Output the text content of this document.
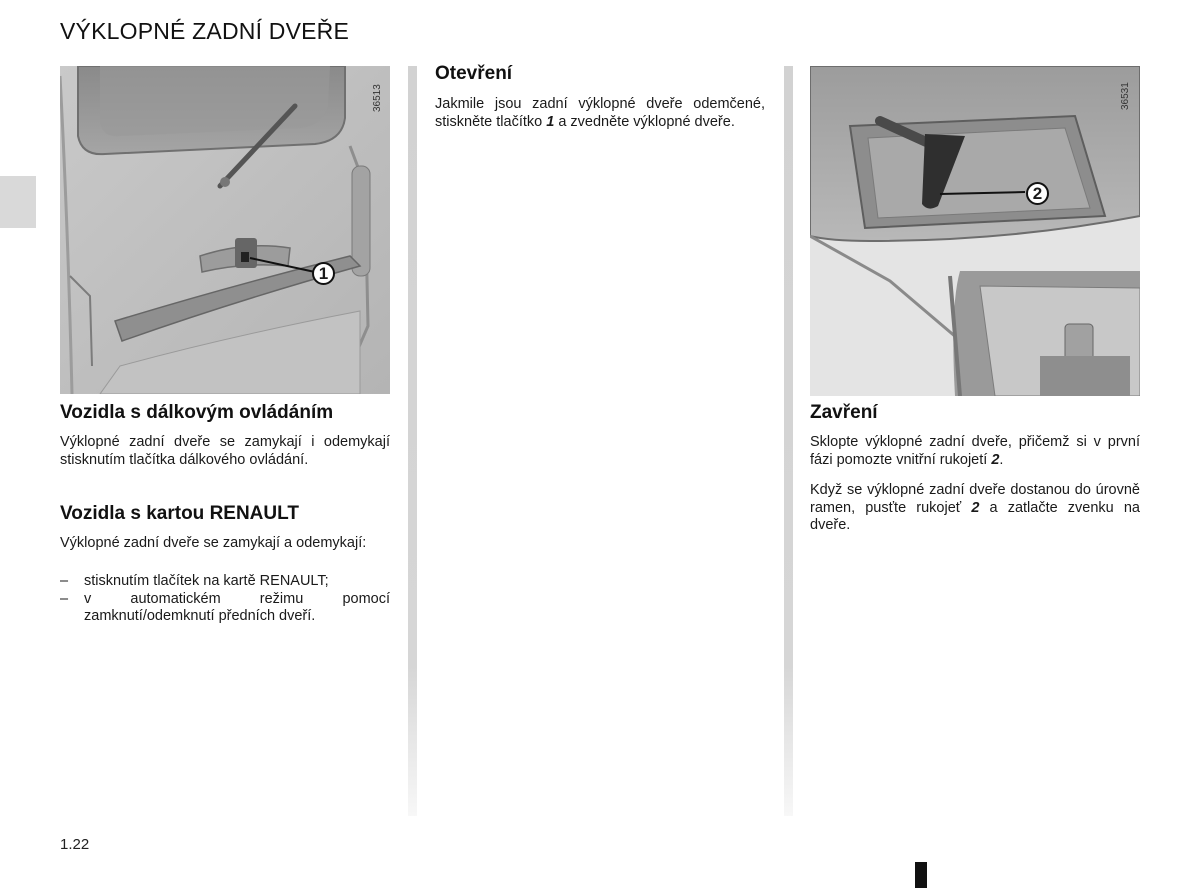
VÝKLOPNÉ ZADNÍ DVEŘE
1
36513
Vozidla s dálkovým ovládáním

Výklopné zadní dveře se zamykají i odemykají stisknutím tlačítka dálkového ovládání.

Vozidla s kartou RENAULT

Výklopné zadní dveře se zamykají a odemykají:

–	stisknutím tlačítek na kartě RENAULT;
–	v automatickém režimu pomocí zamknutí/odemknutí předních dveří.
Otevření

Jakmile jsou zadní výklopné dveře odemčené, stiskněte tlačítko 1 a zvedněte výklopné dveře.

2
36531
Zavření

Sklopte výklopné zadní dveře, přičemž si v první fázi pomozte vnitřní rukojetí 2.

Když se výklopné zadní dveře dostanou do úrovně ramen, pusťte rukojeť 2 a zatlačte zvenku na dveře.

1.22
